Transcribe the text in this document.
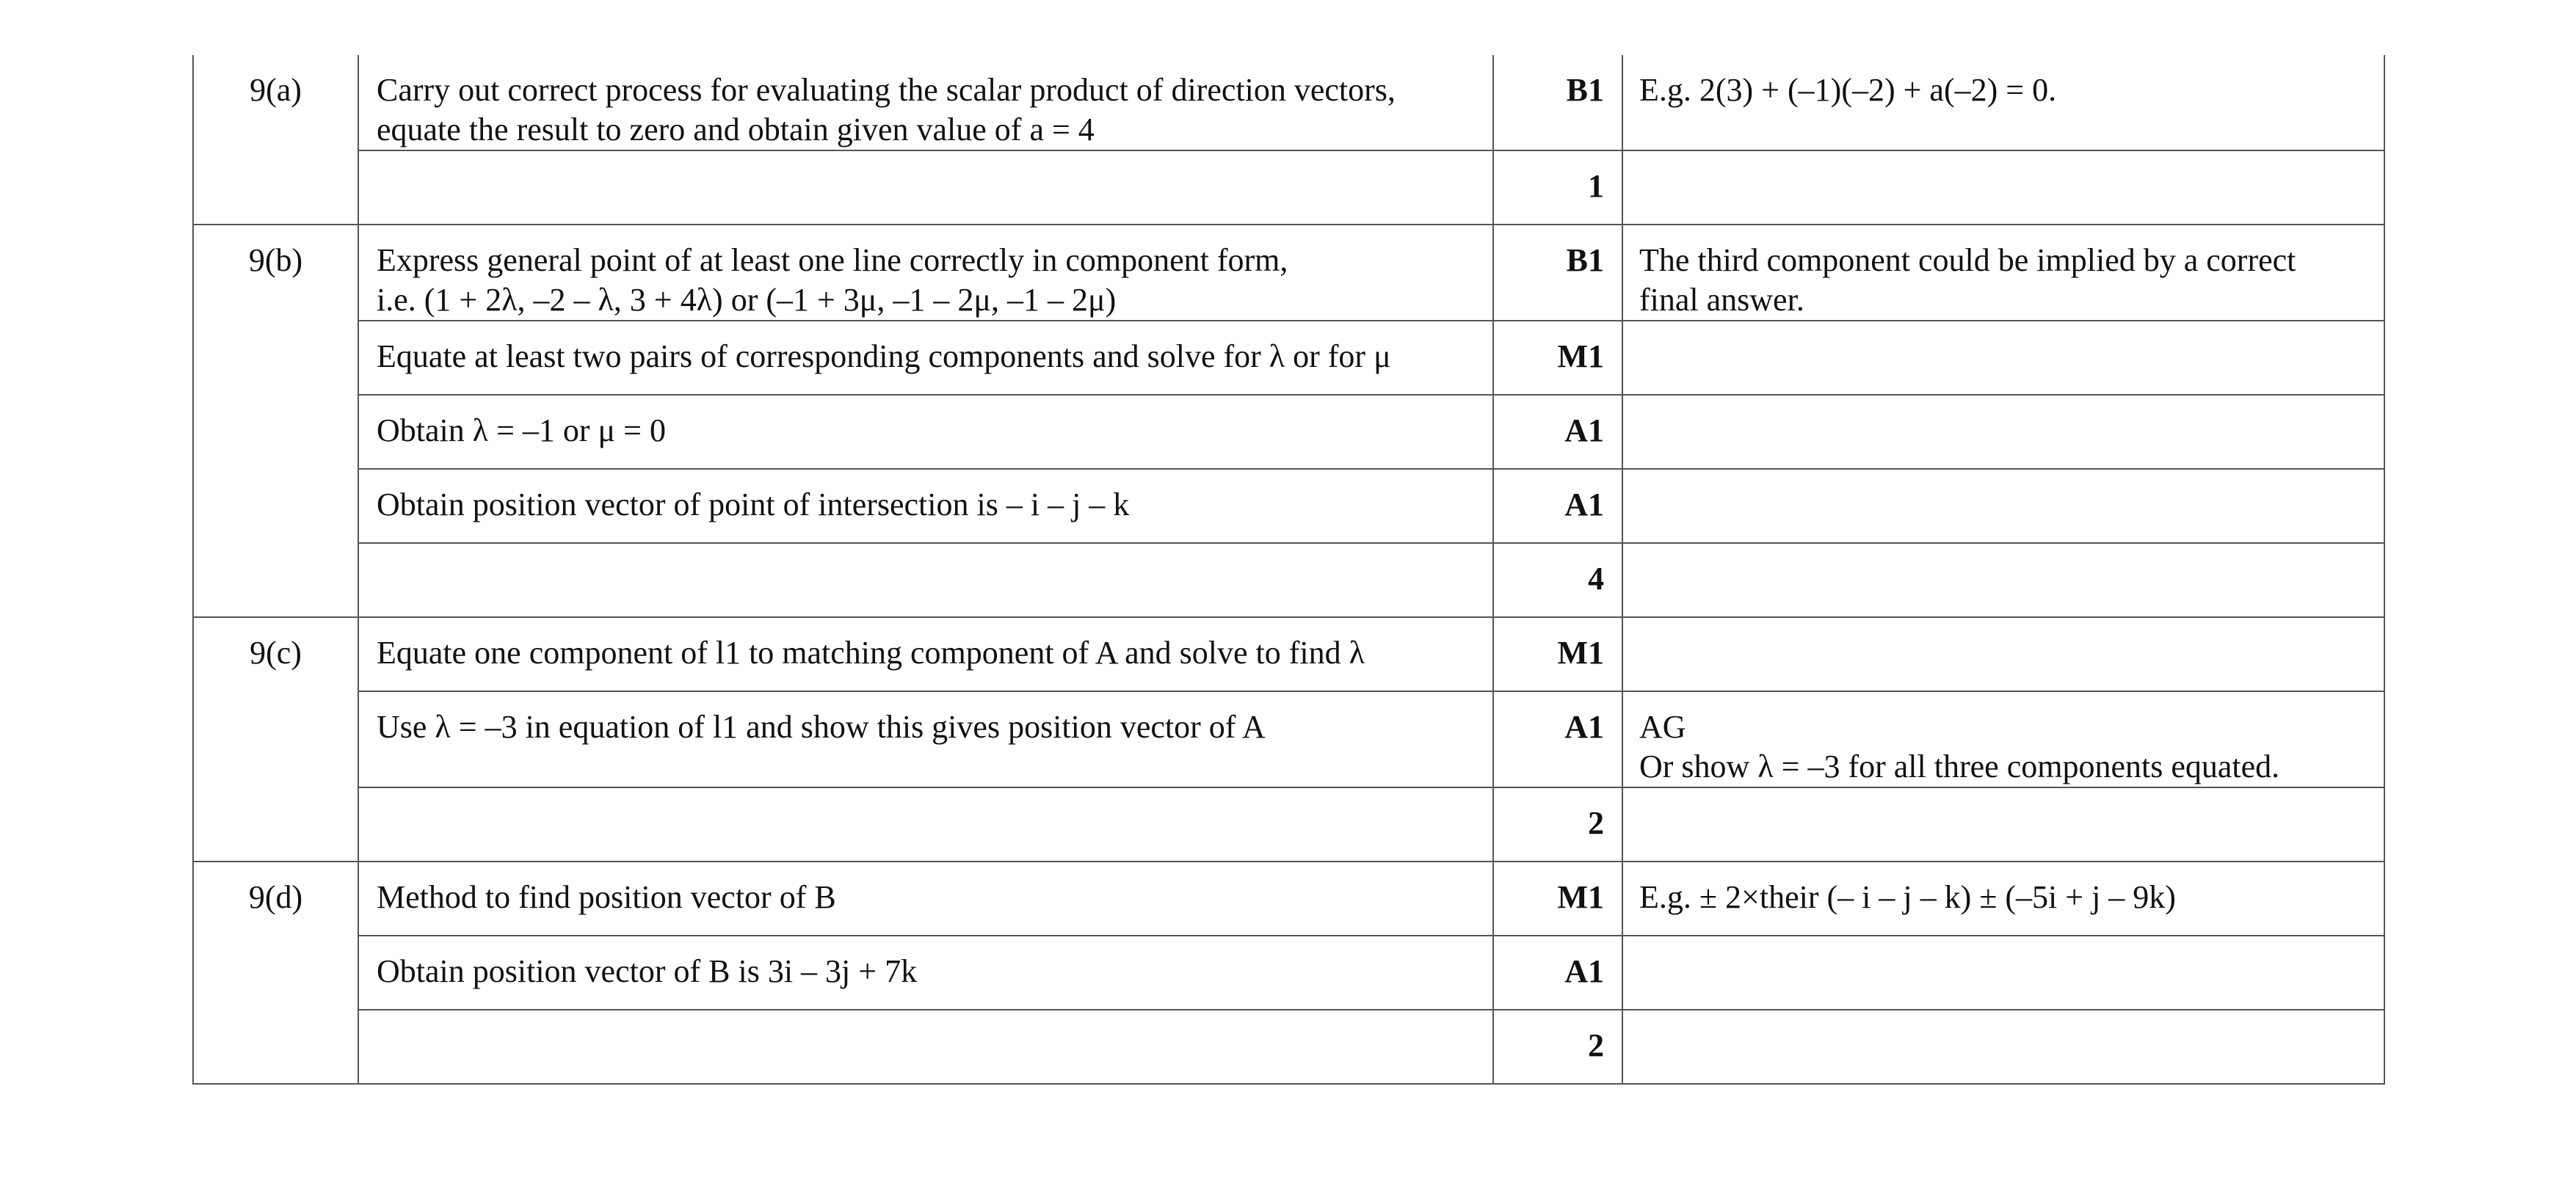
9(a)	Carry out correct process for evaluating the scalar product of direction vectors,
equate the result to zero and obtain given value of a = 4	B1	E.g. 2(3) + (–1)(–2) + a(–2) = 0.

		1	

9(b)	Express general point of at least one line correctly in component form,
i.e. (1 + 2λ, –2 – λ, 3 + 4λ) or (–1 + 3μ, –1 – 2μ, –1 – 2μ)	B1	The third component could be implied by a correct
final answer.

	Equate at least two pairs of corresponding components and solve for λ or for μ	M1	

	Obtain λ = –1 or μ = 0	A1	

	Obtain position vector of point of intersection is – i – j – k	A1	

		4	

9(c)	Equate one component of l1 to matching component of A and solve to find λ	M1	

	Use λ = –3 in equation of l1 and show this gives position vector of A	A1	AG
Or show λ = –3 for all three components equated.

		2	

9(d)	Method to find position vector of B	M1	E.g. ± 2×their (– i – j – k) ± (–5i + j – 9k)

	Obtain position vector of B is 3i – 3j + 7k	A1	

		2	
